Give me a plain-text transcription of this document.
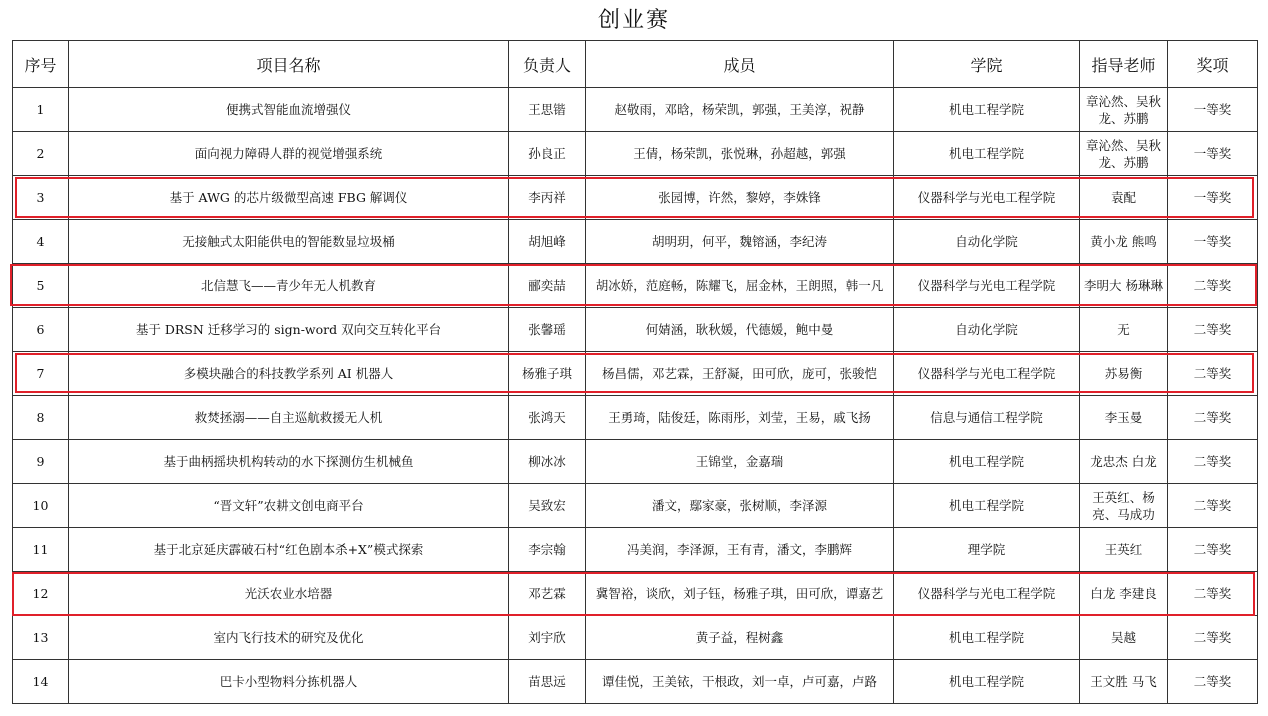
创业赛
序号	项目名称	负责人	成员	学院	指导老师	奖项
1	便携式智能血流增强仪	王思锴	赵敬雨，邓晗，杨荣凯，郭强，王美淳，祝静	机电工程学院	章沁然、吴秋龙、苏鹏	一等奖
2	面向视力障碍人群的视觉增强系统	孙良正	王倩，杨荣凯，张悦琳，孙超越，郭强	机电工程学院	章沁然、吴秋龙、苏鹏	一等奖
3	基于 AWG 的芯片级微型高速 FBG 解调仪	李丙祥	张园博，许然，黎婷，李姝锋	仪器科学与光电工程学院	袁配	一等奖
4	无接触式太阳能供电的智能数显垃圾桶	胡旭峰	胡明玥，何平，魏镕涵，李纪涛	自动化学院	黄小龙 熊鸣	一等奖
5	北信慧飞——青少年无人机教育	郦奕喆	胡冰娇，范庭畅，陈耀飞，屈金林，王朗照，韩一凡	仪器科学与光电工程学院	李明大 杨琳琳	二等奖
6	基于 DRSN 迁移学习的 sign-word 双向交互转化平台	张馨瑶	何婧涵，耿秋媛，代德媛，鲍中曼	自动化学院	无	二等奖
7	多模块融合的科技教学系列 AI 机器人	杨雅子琪	杨昌儒，邓艺霖，王舒凝，田可欣，庞可，张骏恺	仪器科学与光电工程学院	苏易衡	二等奖
8	救焚拯溺——自主巡航救援无人机	张鸿天	王勇琦，陆俊廷，陈雨彤，刘莹，王易，戚飞扬	信息与通信工程学院	李玉曼	二等奖
9	基于曲柄摇块机构转动的水下探测仿生机械鱼	柳冰冰	王锦堂，金嘉瑞	机电工程学院	龙忠杰 白龙	二等奖
10	“晋文轩”农耕文创电商平台	吴致宏	潘文，鄢家豪，张树顺，李泽源	机电工程学院	王英红、杨亮、马成功	二等奖
11	基于北京延庆霹破石村“红色剧本杀+X”模式探索	李宗翰	冯美润，李泽源，王有青，潘文，李鹏辉	理学院	王英红	二等奖
12	光沃农业水培器	邓艺霖	冀智裕，谈欣，刘子钰，杨雅子琪，田可欣，谭嘉艺	仪器科学与光电工程学院	白龙 李建良	二等奖
13	室内飞行技术的研究及优化	刘宇欣	黄子益，程树鑫	机电工程学院	吴越	二等奖
14	巴卡小型物料分拣机器人	苗思远	谭佳悦，王美铱，干根政，刘一卓，卢可嘉，卢路	机电工程学院	王文胜 马飞	二等奖
